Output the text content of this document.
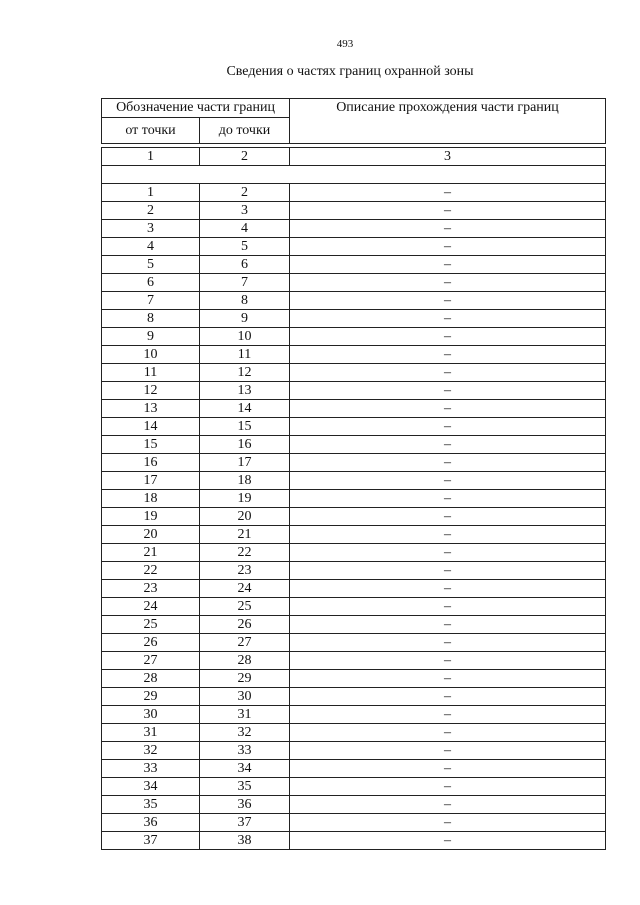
493
Сведения о частях границ охранной зоны
Обозначение части границ		Описание прохождения части границ
от точки	до точки	

1	2	3

1	2	–
2	3	–
3	4	–
4	5	–
5	6	–
6	7	–
7	8	–
8	9	–
9	10	–
10	11	–
11	12	–
12	13	–
13	14	–
14	15	–
15	16	–
16	17	–
17	18	–
18	19	–
19	20	–
20	21	–
21	22	–
22	23	–
23	24	–
24	25	–
25	26	–
26	27	–
27	28	–
28	29	–
29	30	–
30	31	–
31	32	–
32	33	–
33	34	–
34	35	–
35	36	–
36	37	–
37	38	–
